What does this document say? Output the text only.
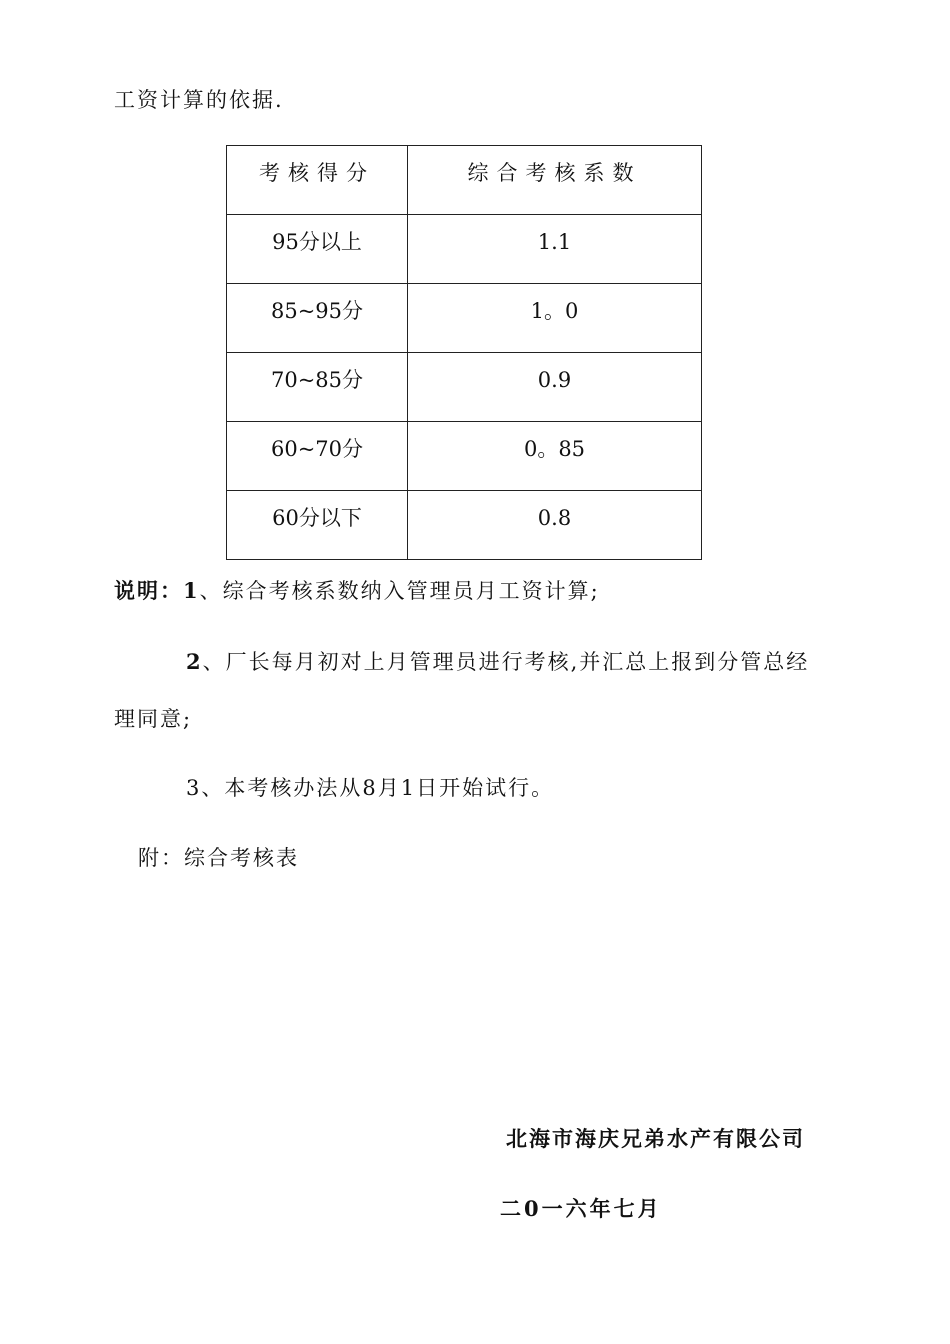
工资计算的依据.
考核得分	综合考核系数
95分以上	1.1
85~95分	1。0
70~85分	0.9
60~70分	0。85
60分以下	0.8
说明：1、综合考核系数纳入管理员月工资计算;
2、厂长每月初对上月管理员进行考核,并汇总上报到分管总经
理同意;
3、本考核办法从8月1日开始试行。
附：综合考核表
北海市海庆兄弟水产有限公司
二0一六年七月
